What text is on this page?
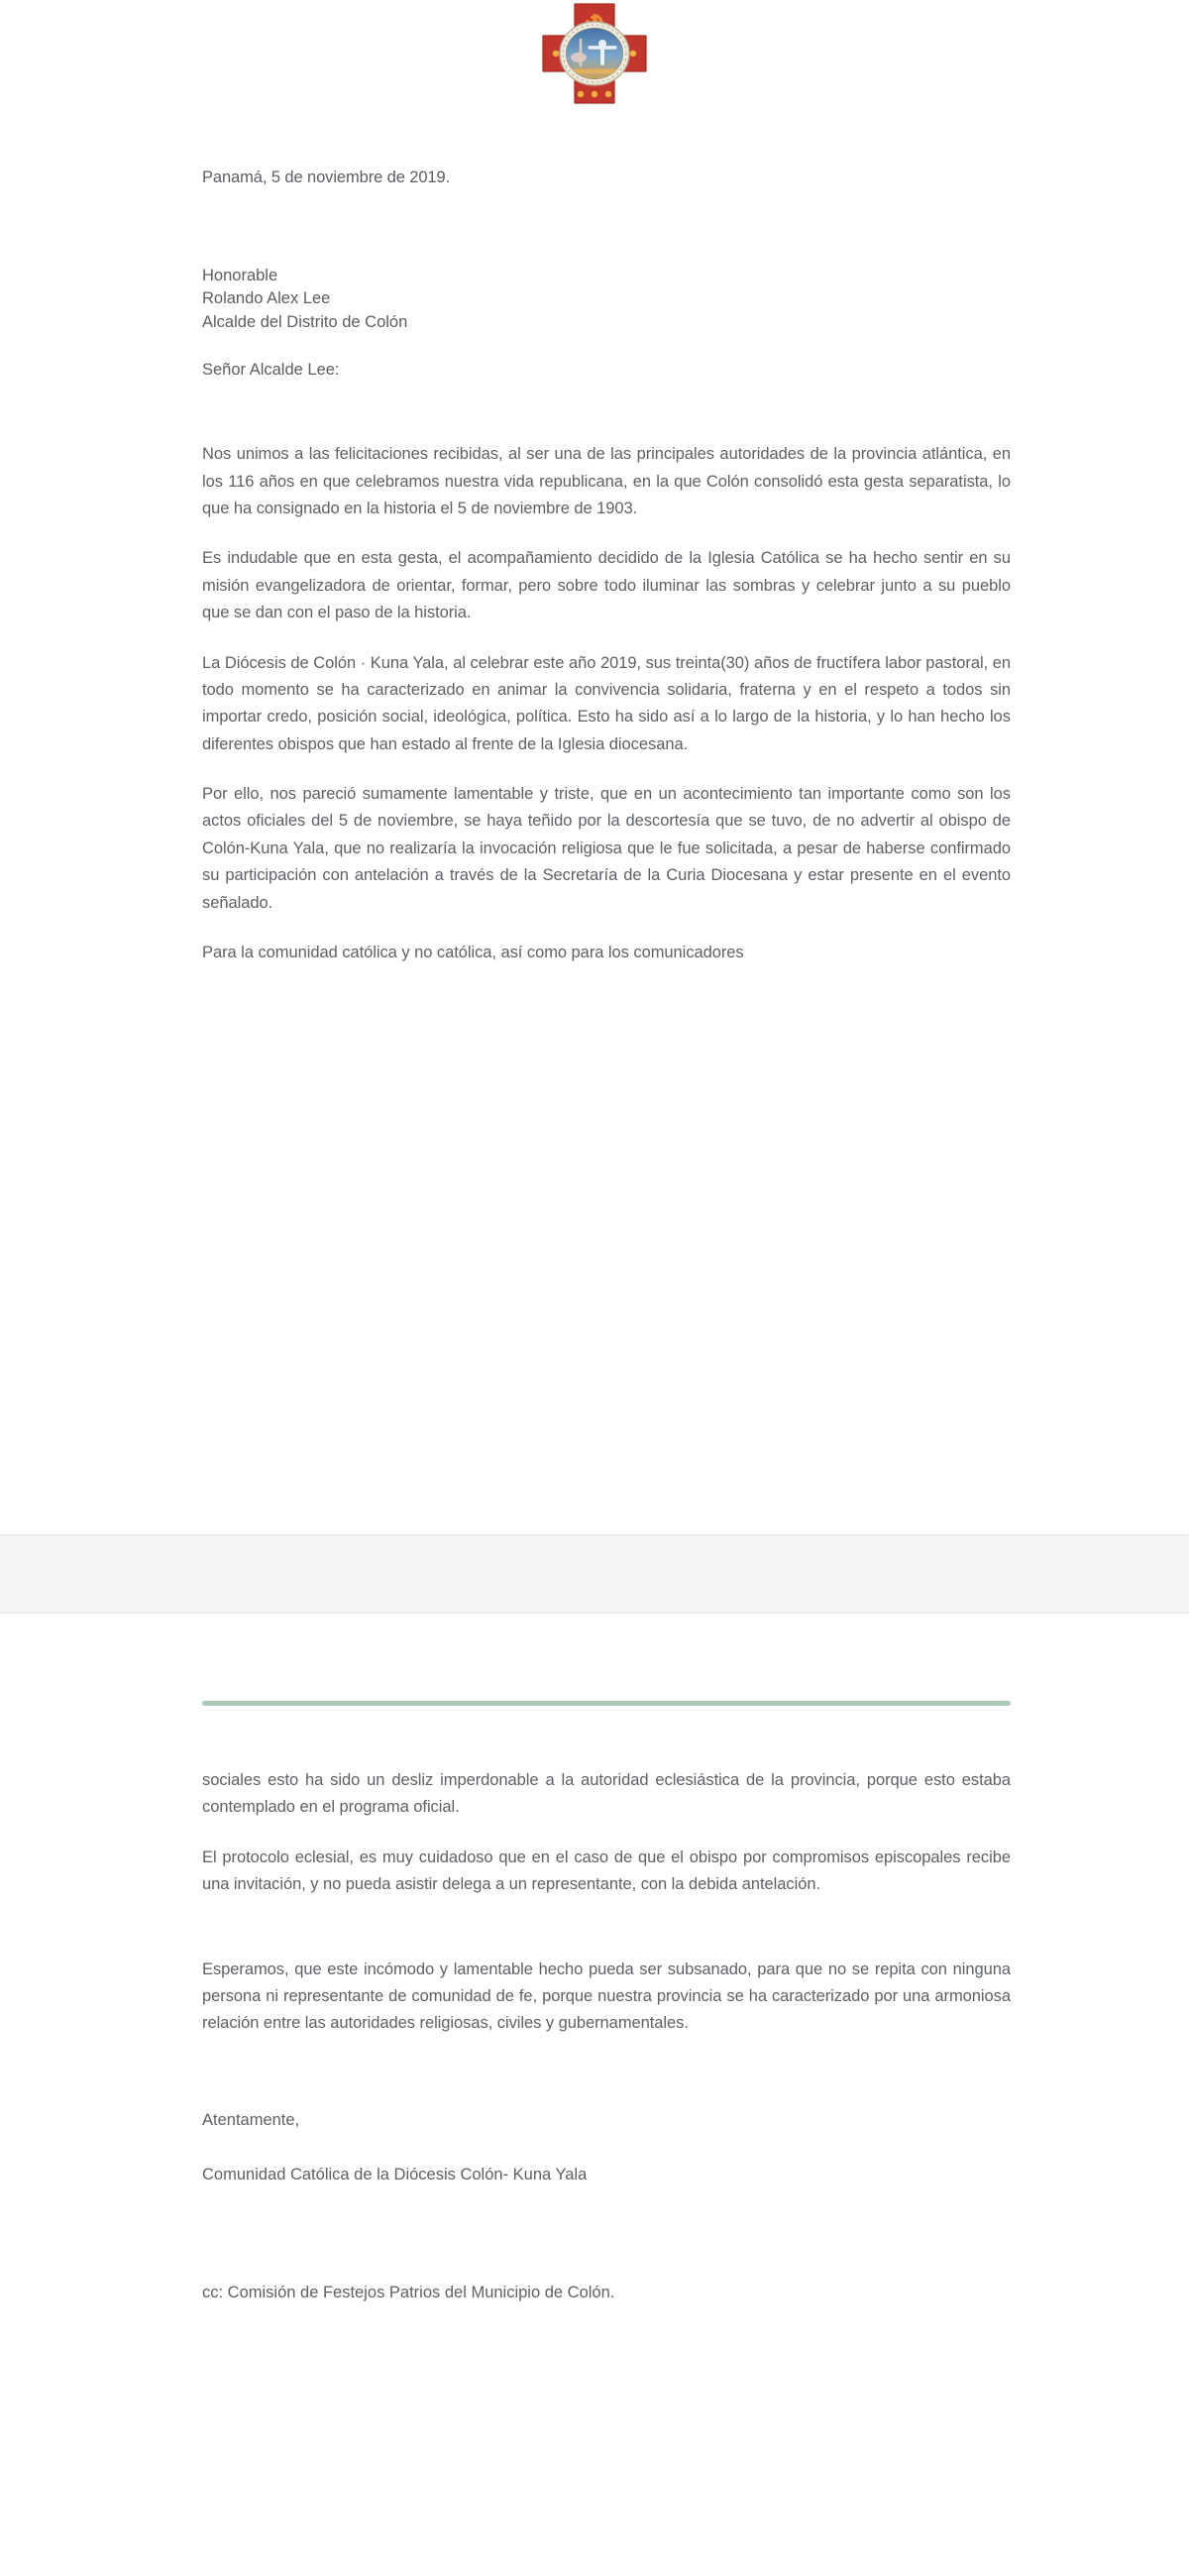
Panamá, 5 de noviembre de 2019.
Honorable
Rolando Alex Lee
Alcalde del Distrito de Colón
Señor Alcalde Lee:

Nos unimos a las felicitaciones recibidas, al ser una de las principales autoridades de la provincia atlántica, en los 116 años en que celebramos nuestra vida republicana, en la que Colón consolidó esta gesta separatista, lo que ha consignado en la historia el 5 de noviembre de 1903.

Es indudable que en esta gesta, el acompañamiento decidido de la Iglesia Católica se ha hecho sentir en su misión evangelizadora de orientar, formar, pero sobre todo iluminar las sombras y celebrar junto a su pueblo que se dan con el paso de la historia.

La Diócesis de Colón · Kuna Yala, al celebrar este año 2019, sus treinta(30) años de fructífera labor pastoral, en todo momento se ha caracterizado en animar la convivencia solidaria, fraterna y en el respeto a todos sin importar credo, posición social, ideológica, política. Esto ha sido así a lo largo de la historia, y lo han hecho los diferentes obispos que han estado al frente de la Iglesia diocesana.

Por ello, nos pareció sumamente lamentable y triste, que en un acontecimiento tan importante como son los actos oficiales del 5 de noviembre, se haya teñido por la descortesía que se tuvo, de no advertir al obispo de Colón-Kuna Yala, que no realizaría la invocación religiosa que le fue solicitada, a pesar de haberse confirmado su participación con antelación a través de la Secretaría de la Curia Diocesana y estar presente en el evento señalado.

Para la comunidad católica y no católica, así como para los comunicadores

sociales esto ha sido un desliz imperdonable a la autoridad eclesiástica de la provincia, porque esto estaba contemplado en el programa oficial.

El protocolo eclesial, es muy cuidadoso que en el caso de que el obispo por compromisos episcopales recibe una invitación, y no pueda asistir delega a un representante, con la debida antelación.

Esperamos, que este incómodo y lamentable hecho pueda ser subsanado, para que no se repita con ninguna persona ni representante de comunidad de fe, porque nuestra provincia se ha caracterizado por una armoniosa relación entre las autoridades religiosas, civiles y gubernamentales.

Atentamente,
Comunidad Católica de la Diócesis Colón- Kuna Yala
cc: Comisión de Festejos Patrios del Municipio de Colón.
